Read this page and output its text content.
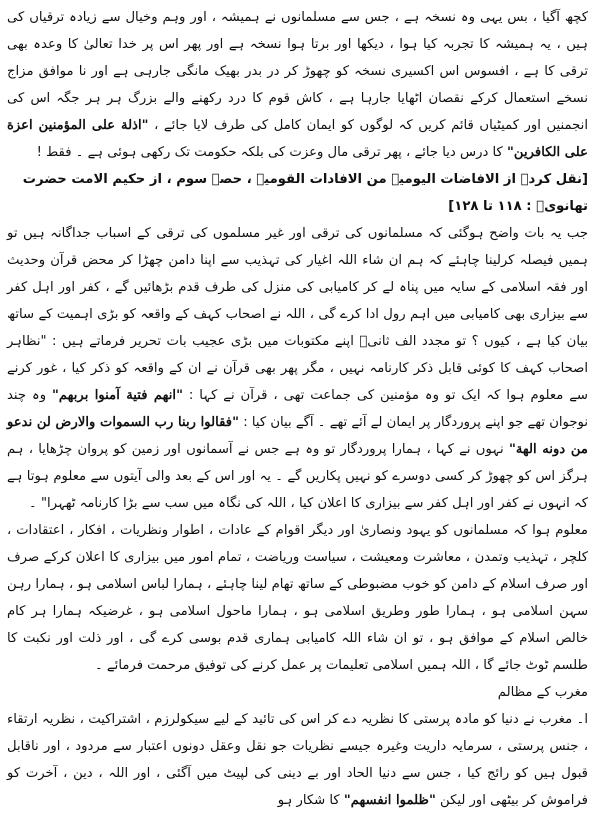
کچھ آگیا ، بس یہی وہ نسخہ ہے ، جس سے مسلمانوں نے ہمیشہ ، اور وہم وخیال سے زیادہ ترقیاں کی ہیں ، یہ ہمیشہ کا تجربہ کیا ہوا ، دیکھا اور برتا ہوا نسخہ ہے اور پھر اس پر خدا تعالیٰ کا وعدہ بھی ترقی کا ہے ، افسوس اس اکسیری نسخہ کو چھوڑ کر در بدر بھیک مانگی جارہی ہے اور نا موافق مزاج نسخے استعمال کرکے نقصان اٹھایا جارہا ہے ، کاش قوم کا درد رکھنے والے بزرگ ہر ہر جگہ اس کی انجمنیں اور کمیٹیاں قائم کریں کہ لوگوں کو ایمان کامل کی طرف لایا جائے ، "اذلة على المؤمنين اعزة على الكافرين" کا درس دیا جائے ، پھر ترقی مال وعزت کی بلکہ حکومت تک رکھی ہوئی ہے ۔ فقط !

[نقل کردہ از الافاضات الیومیہ من الافادات القومیہ ، حصہ سوم ، از حکیم الامت حضرت تھانویؒ : ۱۱۸ تا ۱۲۸]

جب یہ بات واضح ہوگئی کہ مسلمانوں کی ترقی اور غیر مسلموں کی ترقی کے اسباب جداگانہ ہیں تو ہمیں فیصلہ کرلینا چاہئے کہ ہم ان شاء اللہ اغیار کی تہذیب سے اپنا دامن چھڑا کر محض قرآن وحدیث اور فقہ اسلامی کے سایہ میں پناہ لے کر کامیابی کی منزل کی طرف قدم بڑھائیں گے ، کفر اور اہل کفر سے بیزاری بھی کامیابی میں اہم رول ادا کرے گی ، اللہ نے اصحاب کہف کے واقعہ کو بڑی اہمیت کے ساتھ بیان کیا ہے ، کیوں ؟ تو مجدد الف ثانیؒ اپنے مکتوبات میں بڑی عجیب بات تحریر فرماتے ہیں : "نظاہر اصحاب کہف کا کوئی قابل ذکر کارنامہ نہیں ، مگر پھر بھی قرآن نے ان کے واقعہ کو ذکر کیا ، غور کرنے سے معلوم ہوا کہ ایک تو وہ مؤمنین کی جماعت تھی ، قرآن نے کہا : "انهم فتية آمنوا بربهم" وہ چند نوجوان تھے جو اپنے پروردگار پر ایمان لے آئے تھے ۔ آگے بیان کیا : "فقالوا ربنا رب السموات والارض لن ندعو من دونه الهة" نہوں نے کہا ، ہمارا پروردگار تو وہ ہے جس نے آسمانوں اور زمین کو پروان چڑھایا ، ہم ہرگز اس کو چھوڑ کر کسی دوسرے کو نہیں پکاریں گے ۔ یہ اور اس کے بعد والی آیتوں سے معلوم ہوتا ہے کہ انہوں نے کفر اور اہل کفر سے بیزاری کا اعلان کیا ، اللہ کی نگاہ میں سب سے بڑا کارنامہ ٹھہرا" ۔

معلوم ہوا کہ مسلمانوں کو یہود ونصاریٰ اور دیگر اقوام کے عادات ، اطوار ونظریات ، افکار ، اعتقادات ، کلچر ، تہذیب وتمدن ، معاشرت ومعیشت ، سیاست وریاضت ، تمام امور میں بیزاری کا اعلان کرکے صرف اور صرف اسلام کے دامن کو خوب مضبوطی کے ساتھ تھام لینا چاہئے ، ہمارا لباس اسلامی ہو ، ہمارا رہن سہن اسلامی ہو ، ہمارا طور وطریق اسلامی ہو ، ہمارا ماحول اسلامی ہو ، غرضیکہ ہمارا ہر کام خالص اسلام کے موافق ہو ، تو ان شاء اللہ کامیابی ہماری قدم بوسی کرے گی ، اور ذلت اور نکبت کا طلسم ٹوٹ جائے گا ، اللہ ہمیں اسلامی تعلیمات پر عمل کرنے کی توفیق مرحمت فرمائے ۔

مغرب کے مظالم

ا۔ مغرب نے دنیا کو مادہ پرستی کا نظریہ دے کر اس کی تائید کے لیے سیکولرزم ، اشتراکیت ، نظریہ ارتقاء ، جنس پرستی ، سرمایہ داریت وغیرہ جیسے نظریات جو نقل وعقل دونوں اعتبار سے مردود ، اور ناقابل قبول ہیں کو رائج کیا ، جس سے دنیا الحاد اور بے دینی کی لپیٹ میں آگئی ، اور اللہ ، دین ، آخرت کو فراموش کر بیٹھی اور لیکن "ظلموا انفسهم" کا شکار ہو
